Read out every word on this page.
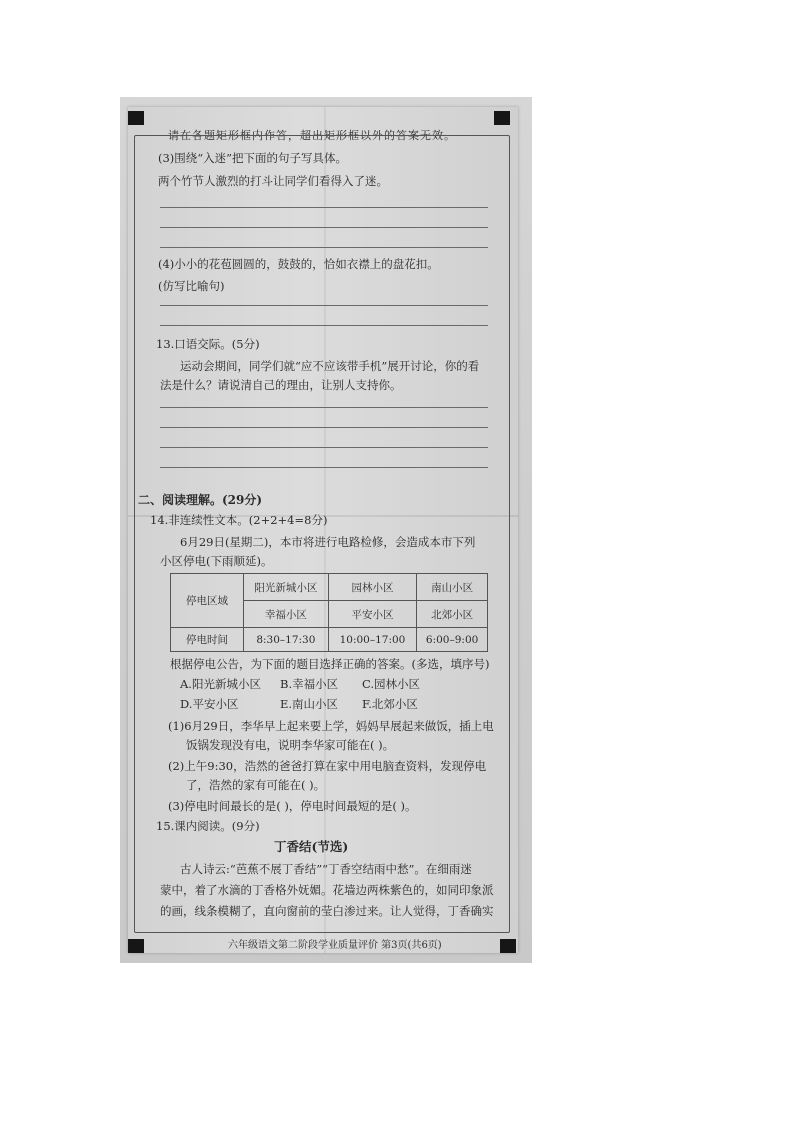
请在各题矩形框内作答，超出矩形框以外的答案无效。
(3)围绕“入迷”把下面的句子写具体。
两个竹节人激烈的打斗让同学们看得入了迷。
(4)小小的花苞圆圆的，鼓鼓的，恰如衣襟上的盘花扣。
(仿写比喻句)
13.口语交际。(5分)
运动会期间，同学们就“应不应该带手机”展开讨论，你的看
法是什么？请说清自己的理由，让别人支持你。
二、阅读理解。(29分)
14.非连续性文本。(2+2+4=8分)
6月29日(星期二)，本市将进行电路检修，会造成本市下列
小区停电(下雨顺延)。
停电区域	阳光新城小区	园林小区	南山小区
	幸福小区	平安小区	北郊小区
停电时间	8:30–17:30	10:00–17:00	6:00–9:00
根据停电公告，为下面的题目选择正确的答案。(多选，填序号)
A.阳光新城小区 B.幸福小区 C.园林小区
D.平安小区	E.南山小区 F.北郊小区
(1)6月29日，李华早上起来要上学，妈妈早展起来做饭，插上电
饭锅发现没有电，说明李华家可能在( )。
(2)上午9:30，浩然的爸爸打算在家中用电脑查资料，发现停电
了，浩然的家有可能在( )。
(3)停电时间最长的是( )，停电时间最短的是( )。
15.课内阅读。(9分)
丁香结(节选)
古人诗云:“芭蕉不展丁香结”“丁香空结雨中愁”。在细雨迷
蒙中，着了水滴的丁香格外妩媚。花墙边两株紫色的，如同印象派
的画，线条模糊了，直向窗前的莹白渗过来。让人觉得，丁香确实
六年级语文第二阶段学业质量评价 第3页(共6页)
